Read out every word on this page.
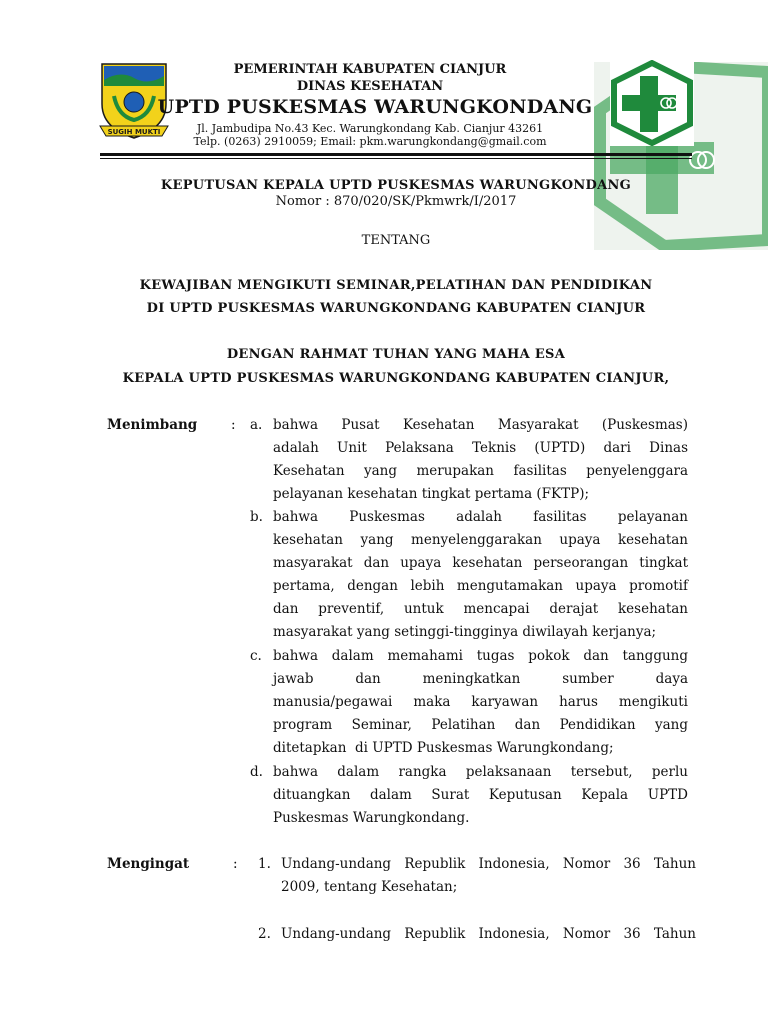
SUGIH MUKTI
PEMERINTAH KABUPATEN CIANJUR
DINAS KESEHATAN
UPTD PUSKESMAS WARUNGKONDANG
Jl. Jambudipa No.43 Kec. Warungkondang Kab. Cianjur 43261
Telp. (0263) 2910059; Email: pkm.warungkondang@gmail.com
KEPUTUSAN KEPALA UPTD PUSKESMAS WARUNGKONDANG
Nomor : 870/020/SK/Pkmwrk/I/2017
TENTANG
KEWAJIBAN MENGIKUTI SEMINAR,PELATIHAN DAN PENDIDIKAN
DI UPTD PUSKESMAS WARUNGKONDANG KABUPATEN CIANJUR
DENGAN RAHMAT TUHAN YANG MAHA ESA
KEPALA UPTD PUSKESMAS WARUNGKONDANG KABUPATEN CIANJUR,
Menimbang	: a. bahwa Pusat Kesehatan Masyarakat (Puskesmas)
adalah Unit Pelaksana Teknis (UPTD) dari Dinas
Kesehatan yang merupakan fasilitas penyelenggara
pelayanan kesehatan tingkat pertama (FKTP);
b. bahwa Puskesmas adalah fasilitas pelayanan
kesehatan yang menyelenggarakan upaya kesehatan
masyarakat dan upaya kesehatan perseorangan tingkat
pertama, dengan lebih mengutamakan upaya promotif
dan preventif, untuk mencapai derajat kesehatan
masyarakat yang setinggi-tingginya diwilayah kerjanya;
c. bahwa dalam memahami tugas pokok dan tanggung
jawab dan meningkatkan sumber daya
manusia/pegawai maka karyawan harus mengikuti
program Seminar, Pelatihan dan Pendidikan yang
ditetapkan  di UPTD Puskesmas Warungkondang;
d. bahwa dalam rangka pelaksanaan tersebut, perlu
dituangkan dalam Surat Keputusan Kepala UPTD
Puskesmas Warungkondang.
Mengingat	: 1. Undang-undang Republik Indonesia, Nomor 36 Tahun
2009, tentang Kesehatan;
2. Undang-undang Republik Indonesia, Nomor 36 Tahun
